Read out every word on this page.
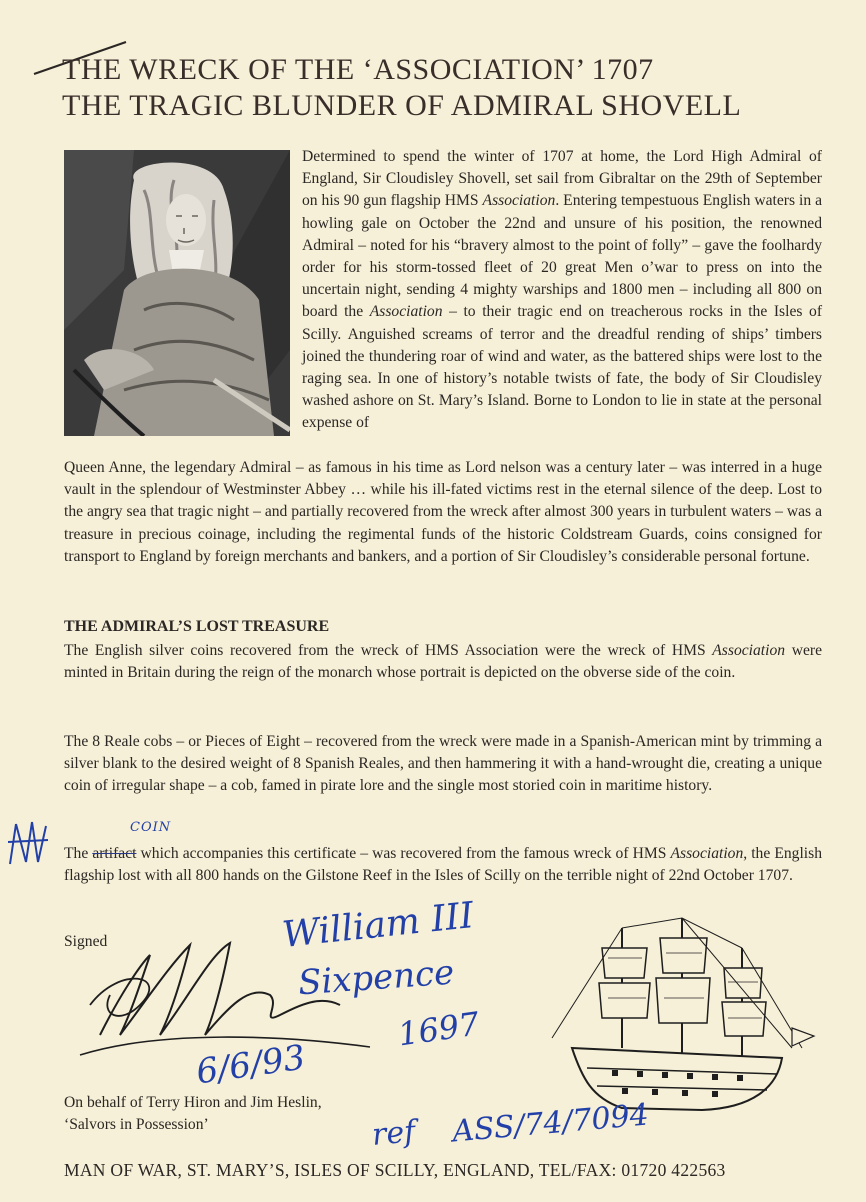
THE WRECK OF THE ‘ASSOCIATION’ 1707
THE TRAGIC BLUNDER OF ADMIRAL SHOVELL

Determined to spend the winter of 1707 at home, the Lord High Admiral of England, Sir Cloudisley Shovell, set sail from Gibraltar on the 29th of September on his 90 gun flagship HMS Association. Entering tempestuous English waters in a howling gale on October the 22nd and unsure of his position, the renowned Admiral – noted for his “bravery almost to the point of folly” – gave the foolhardy order for his storm-tossed fleet of 20 great Men o’war to press on into the uncertain night, sending 4 mighty warships and 1800 men – including all 800 on board the Association – to their tragic end on treacherous rocks in the Isles of Scilly. Anguished screams of terror and the dreadful rending of ships’ timbers joined the thundering roar of wind and water, as the battered ships were lost to the raging sea. In one of history’s notable twists of fate, the body of Sir Cloudisley washed ashore on St. Mary’s Island. Borne to London to lie in state at the personal expense of

Queen Anne, the legendary Admiral – as famous in his time as Lord nelson was a century later – was interred in a huge vault in the splendour of Westminster Abbey … while his ill-fated victims rest in the eternal silence of the deep. Lost to the angry sea that tragic night – and partially recovered from the wreck after almost 300 years in turbulent waters – was a treasure in precious coinage, including the regimental funds of the historic Coldstream Guards, coins consigned for transport to England by foreign merchants and bankers, and a portion of Sir Cloudisley’s considerable personal fortune.

THE ADMIRAL’S LOST TREASURE

The English silver coins recovered from the wreck of HMS Association were the wreck of HMS Association were minted in Britain during the reign of the monarch whose portrait is depicted on the obverse side of the coin.

The 8 Reale cobs – or Pieces of Eight – recovered from the wreck were made in a Spanish-American mint by trimming a silver blank to the desired weight of 8 Spanish Reales, and then hammering it with a hand-wrought die, creating a unique coin of irregular shape – a cob, famed in pirate lore and the single most storied coin in maritime history.

The artifact which accompanies this certificate – was recovered from the famous wreck of HMS Association, the English flagship lost with all 800 hands on the Gilstone Reef in the Isles of Scilly on the terrible night of 22nd October 1707.

COIN
Signed	William III
Sixpence
1697
6/6/93
On behalf of Terry Hiron and Jim Heslin,
‘Salvors in Possession’	ref ASS/74/7094
MAN OF WAR, ST. MARY’S, ISLES OF SCILLY, ENGLAND, TEL/FAX: 01720 422563
